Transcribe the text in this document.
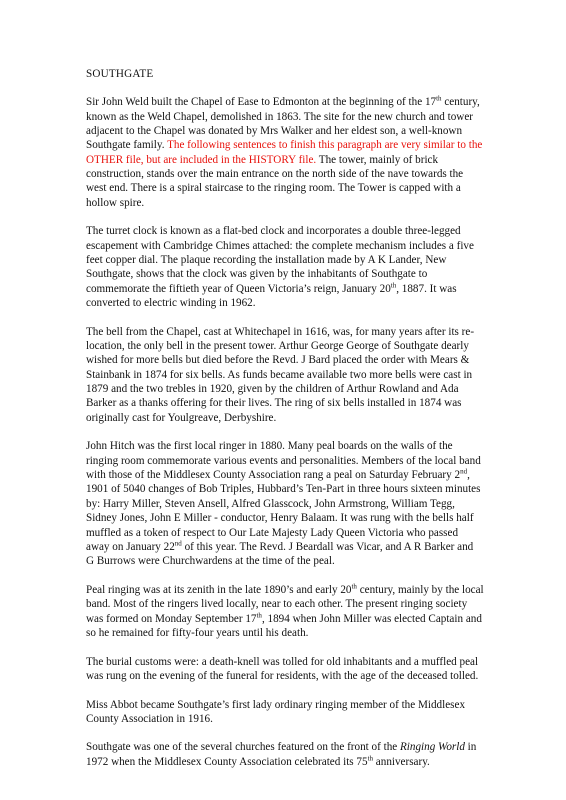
SOUTHGATE

Sir John Weld built the Chapel of Ease to Edmonton at the beginning of the 17th century, known as the Weld Chapel, demolished in 1863. The site for the new church and tower adjacent to the Chapel was donated by Mrs Walker and her eldest son, a well-known Southgate family. The following sentences to finish this paragraph are very similar to the OTHER file, but are included in the HISTORY file. The tower, mainly of brick construction, stands over the main entrance on the north side of the nave towards the west end. There is a spiral staircase to the ringing room. The Tower is capped with a hollow spire.

The turret clock is known as a flat-bed clock and incorporates a double three-legged escapement with Cambridge Chimes attached: the complete mechanism includes a five feet copper dial. The plaque recording the installation made by A K Lander, New Southgate, shows that the clock was given by the inhabitants of Southgate to commemorate the fiftieth year of Queen Victoria’s reign, January 20th, 1887. It was converted to electric winding in 1962.

The bell from the Chapel, cast at Whitechapel in 1616, was, for many years after its re-location, the only bell in the present tower. Arthur George George of Southgate dearly wished for more bells but died before the Revd. J Bard placed the order with Mears & Stainbank in 1874 for six bells. As funds became available two more bells were cast in 1879 and the two trebles in 1920, given by the children of Arthur Rowland and Ada Barker as a thanks offering for their lives. The ring of six bells installed in 1874 was originally cast for Youlgreave, Derbyshire.

John Hitch was the first local ringer in 1880. Many peal boards on the walls of the ringing room commemorate various events and personalities. Members of the local band with those of the Middlesex County Association rang a peal on Saturday February 2nd, 1901 of 5040 changes of Bob Triples, Hubbard’s Ten-Part in three hours sixteen minutes by: Harry Miller, Steven Ansell, Alfred Glasscock, John Armstrong, William Tegg, Sidney Jones, John E Miller - conductor, Henry Balaam. It was rung with the bells half muffled as a token of respect to Our Late Majesty Lady Queen Victoria who passed away on January 22nd of this year. The Revd. J Beardall was Vicar, and A R Barker and G Burrows were Churchwardens at the time of the peal.

Peal ringing was at its zenith in the late 1890’s and early 20th century, mainly by the local band. Most of the ringers lived locally, near to each other. The present ringing society was formed on Monday September 17th, 1894 when John Miller was elected Captain and so he remained for fifty-four years until his death.

The burial customs were: a death-knell was tolled for old inhabitants and a muffled peal was rung on the evening of the funeral for residents, with the age of the deceased tolled.

Miss Abbot became Southgate’s first lady ordinary ringing member of the Middlesex County Association in 1916.

Southgate was one of the several churches featured on the front of the Ringing World in 1972 when the Middlesex County Association celebrated its 75th anniversary.
